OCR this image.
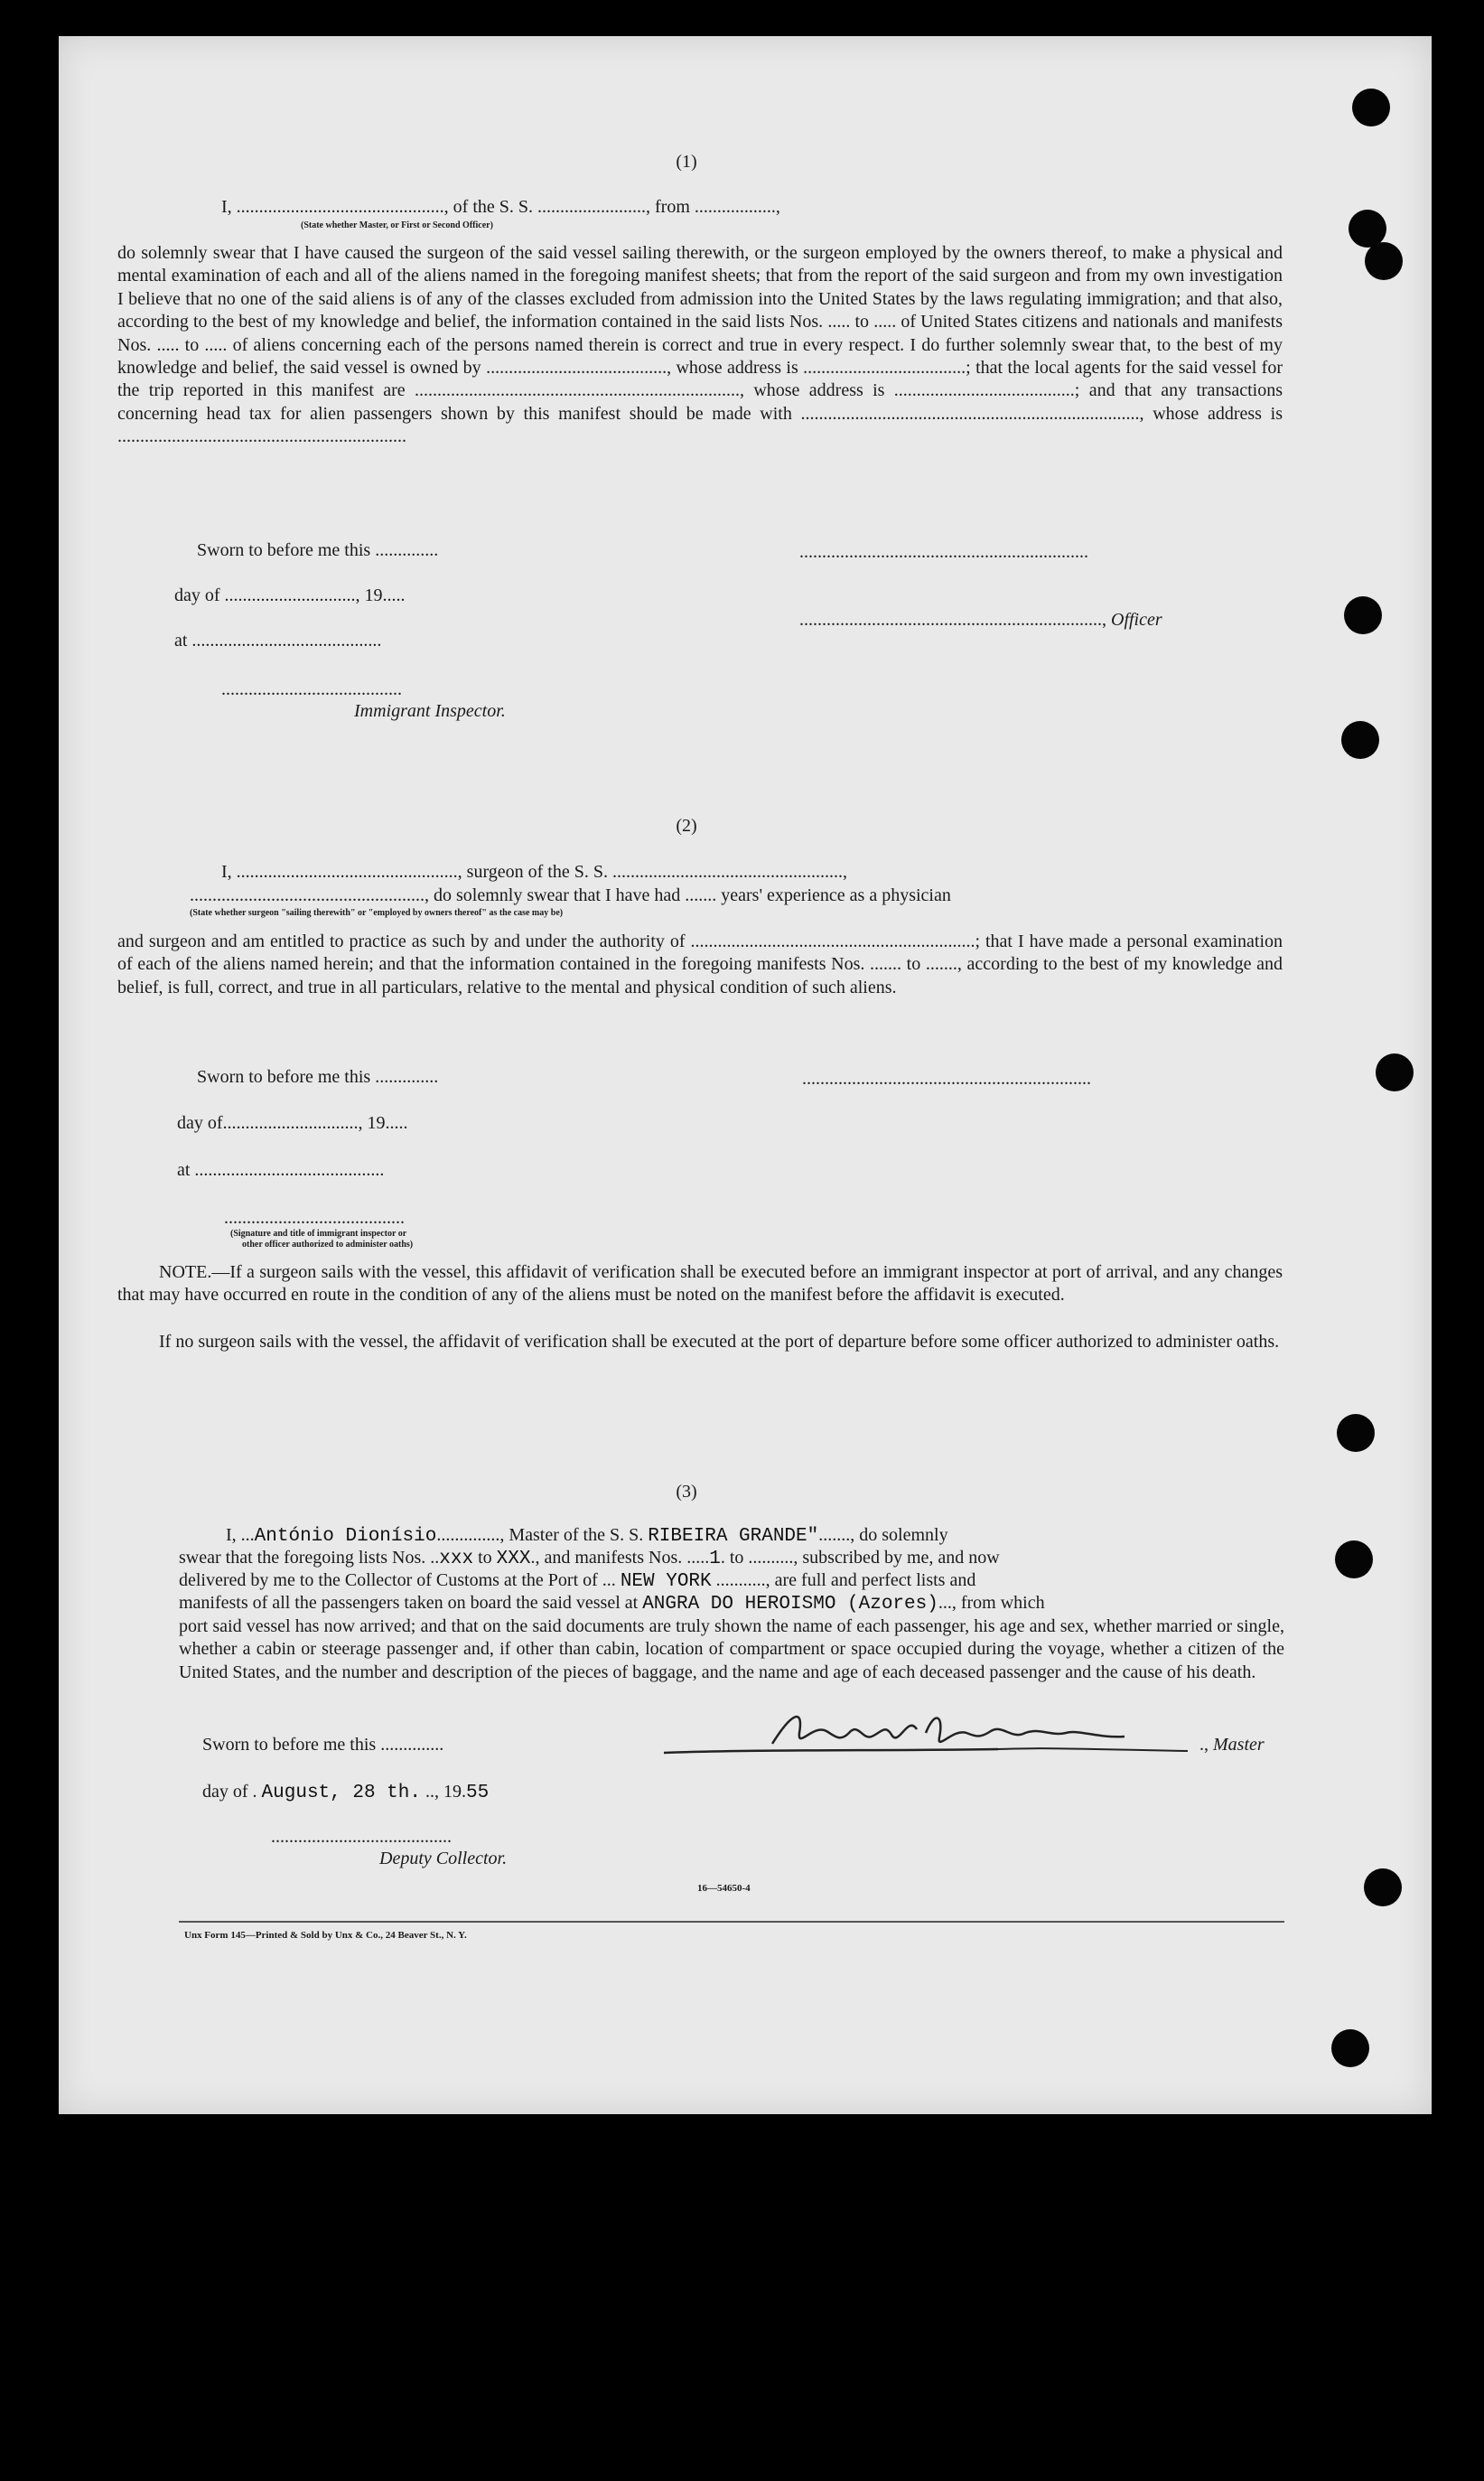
(1)
I, .............................................., of the S. S. ........................, from ..................,
(State whether Master, or First or Second Officer)
do solemnly swear that I have caused the surgeon of the said vessel sailing therewith, or the surgeon employed by the owners thereof, to make a physical and mental examination of each and all of the aliens named in the foregoing manifest sheets; that from the report of the said surgeon and from my own investigation I believe that no one of the said aliens is of any of the classes excluded from admission into the United States by the laws regulating immigration; and that also, according to the best of my knowledge and belief, the information contained in the said lists Nos. ..... to ..... of United States citizens and nationals and manifests Nos. ..... to ..... of aliens concerning each of the persons named therein is correct and true in every respect. I do further solemnly swear that, to the best of my knowledge and belief, the said vessel is owned by ........................................, whose address is ....................................; that the local agents for the said vessel for the trip reported in this manifest are ........................................................................, whose address is ........................................; and that any transactions concerning head tax for alien passengers shown by this manifest should be made with ..........................................................................., whose address is ................................................................
Sworn to before me this ..............	................................................................
day of ............................., 19.....
..................................................................., Officer
at ..........................................
........................................
Immigrant Inspector.
(2)
I, ................................................., surgeon of the S. S. ...................................................,
...................................................., do solemnly swear that I have had ....... years' experience as a physician
(State whether surgeon "sailing therewith" or "employed by owners thereof" as the case may be)
and surgeon and am entitled to practice as such by and under the authority of ...............................................................; that I have made a personal examination of each of the aliens named herein; and that the information contained in the foregoing manifests Nos. ....... to ......., according to the best of my knowledge and belief, is full, correct, and true in all particulars, relative to the mental and physical condition of such aliens.
Sworn to before me this ..............	................................................................
day of.............................., 19.....
at ..........................................
........................................
(Signature and title of immigrant inspector or
other officer authorized to administer oaths)
NOTE.—If a surgeon sails with the vessel, this affidavit of verification shall be executed before an immigrant inspector at port of arrival, and any changes that may have occurred en route in the condition of any of the aliens must be noted on the manifest before the affidavit is executed.
If no surgeon sails with the vessel, the affidavit of verification shall be executed at the port of departure before some officer authorized to administer oaths.
(3)
I, ...António Dionísio.............., Master of the S. S. RIBEIRA GRANDE"......., do solemnly
swear that the foregoing lists Nos. ..xxx to XXX., and manifests Nos. .....1. to .........., subscribed by me, and now
delivered by me to the Collector of Customs at the Port of ... NEW YORK ..........., are full and perfect lists and
manifests of all the passengers taken on board the said vessel at ANGRA DO HEROISMO (Azores)..., from which
port said vessel has now arrived; and that on the said documents are truly shown the name of each passenger, his age and sex, whether married or single, whether a cabin or steerage passenger and, if other than cabin, location of compartment or space occupied during the voyage, whether a citizen of the United States, and the number and description of the pieces of baggage, and the name and age of each deceased passenger and the cause of his death.
Sworn to before me this ..............	., Master
day of . August, 28 th. .., 19.55
........................................
Deputy Collector.
16—54650-4
Unx Form 145—Printed & Sold by Unx & Co., 24 Beaver St., N. Y.
